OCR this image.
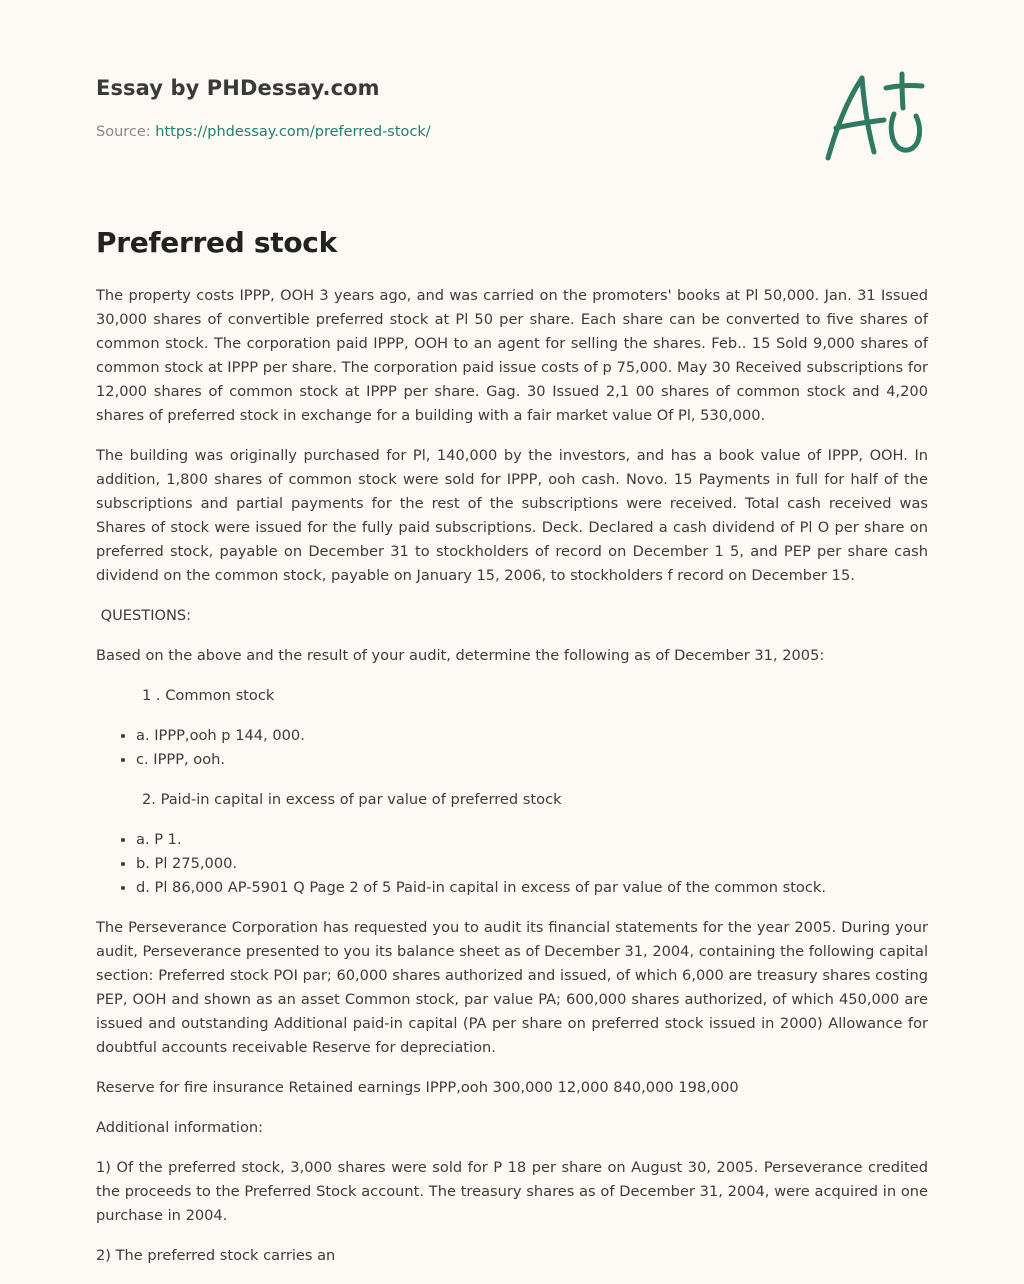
Essay by PHDessay.com
Source: https://phdessay.com/preferred-stock/
Preferred stock

The property costs IPPP, OOH 3 years ago, and was carried on the promoters' books at Pl 50,000. Jan. 31 Issued 30,000 shares of convertible preferred stock at Pl 50 per share. Each share can be converted to five shares of common stock. The corporation paid IPPP, OOH to an agent for selling the shares. Feb.. 15 Sold 9,000 shares of common stock at IPPP per share. The corporation paid issue costs of p 75,000. May 30 Received subscriptions for 12,000 shares of common stock at IPPP per share. Gag. 30 Issued 2,1 00 shares of common stock and 4,200 shares of preferred stock in exchange for a building with a fair market value Of Pl, 530,000.

The building was originally purchased for Pl, 140,000 by the investors, and has a book value of IPPP, OOH. In addition, 1,800 shares of common stock were sold for IPPP, ooh cash. Novo. 15 Payments in full for half of the subscriptions and partial payments for the rest of the subscriptions were received. Total cash received was Shares of stock were issued for the fully paid subscriptions. Deck. Declared a cash dividend of Pl O per share on preferred stock, payable on December 31 to stockholders of record on December 1 5, and PEP per share cash dividend on the common stock, payable on January 15, 2006, to stockholders f record on December 15.

QUESTIONS:

Based on the above and the result of your audit, determine the following as of December 31, 2005:

1 . Common stock

• a. IPPP,ooh p 144, 000.
• c. IPPP, ooh.

2. Paid-in capital in excess of par value of preferred stock

• a. P 1.
• b. Pl 275,000.
• d. Pl 86,000 AP-5901 Q Page 2 of 5 Paid-in capital in excess of par value of the common stock.

The Perseverance Corporation has requested you to audit its financial statements for the year 2005. During your audit, Perseverance presented to you its balance sheet as of December 31, 2004, containing the following capital section: Preferred stock POI par; 60,000 shares authorized and issued, of which 6,000 are treasury shares costing PEP, OOH and shown as an asset Common stock, par value PA; 600,000 shares authorized, of which 450,000 are issued and outstanding Additional paid-in capital (PA per share on preferred stock issued in 2000) Allowance for doubtful accounts receivable Reserve for depreciation.

Reserve for fire insurance Retained earnings IPPP,ooh 300,000 12,000 840,000 198,000

Additional information:

1) Of the preferred stock, 3,000 shares were sold for P 18 per share on August 30, 2005. Perseverance credited the proceeds to the Preferred Stock account. The treasury shares as of December 31, 2004, were acquired in one purchase in 2004.

2) The preferred stock carries an
